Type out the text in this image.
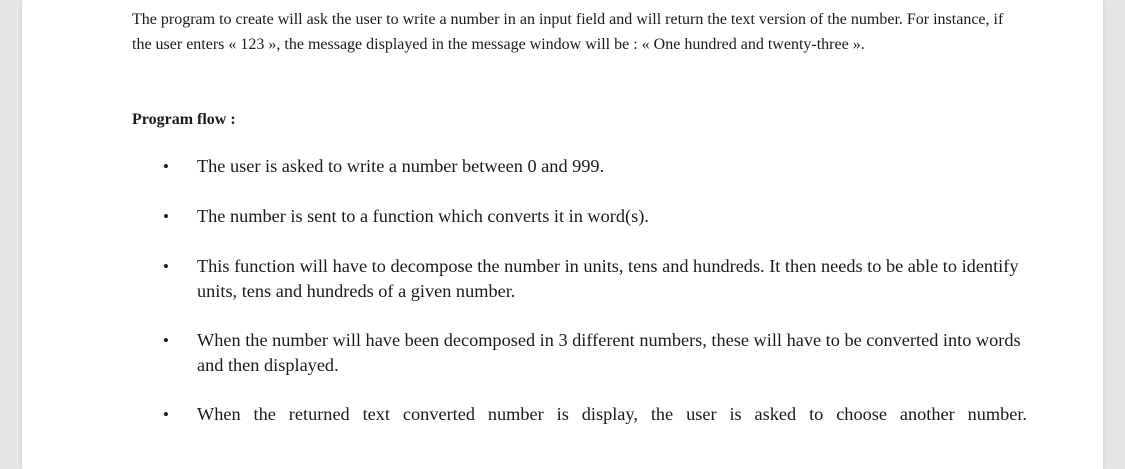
The program to create will ask the user to write a number in an input field and will return the text version of the number. For instance, if the user enters « 123 », the message displayed in the message window will be : « One hundred and twenty-three ».

Program flow :

• The user is asked to write a number between 0 and 999.

• The number is sent to a function which converts it in word(s).

• This function will have to decompose the number in units, tens and hundreds. It then needs to be able to identify units, tens and hundreds of a given number.

• When the number will have been decomposed in 3 different numbers, these will have to be converted into words and then displayed.

• When the returned text converted number is display, the user is asked to choose another number.
